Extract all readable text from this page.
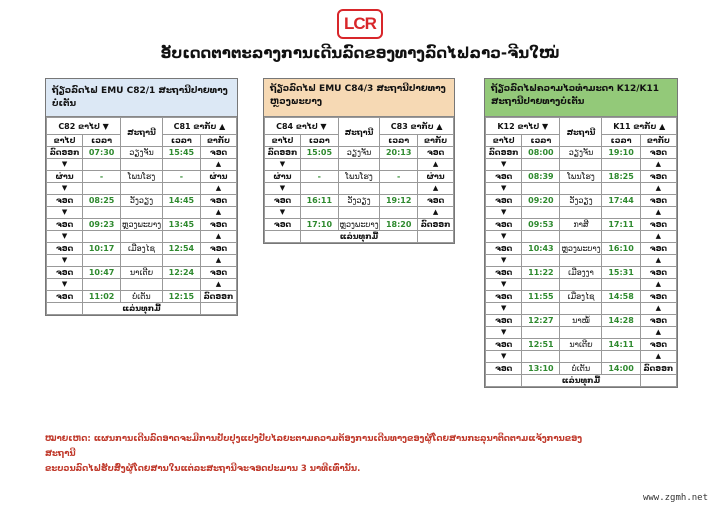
LCR
ອັບເດດຕາຕະລາງການເດີນລົດຂອງທາງລົດໄຟລາວ-ຈີນໃໝ່
ຖ້ຽວລົດໄຟ EMU C82/1 ສະຖານີປາຍທາງບໍ່ເຕັນ
C82 ຂາໄປ ▼		ສະຖານີ	C81 ຂາກັບ ▲	
ຂາໄປ	ເວລາ		ເວລາ	ຂາກັບ
ລົດອອກ	07:30	ວຽງຈັນ	15:45	ຈອດ
▼				▲
ຜ່ານ	-	ໂພນໂຮງ	-	ຜ່ານ
▼				▲
ຈອດ	08:25	ວັງວຽງ	14:45	ຈອດ
▼				▲
ຈອດ	09:23	ຫຼວງພະບາງ	13:45	ຈອດ
▼				▲
ຈອດ	10:17	ເມືອງໄຊ	12:54	ຈອດ
▼				▲
ຈອດ	10:47	ນາເຕີຍ	12:24	ຈອດ
▼				▲
ຈອດ	11:02	ບໍ່ເຕັນ	12:15	ລົດອອກ
	ແລ່ນທຸກມື້			
ຖ້ຽວລົດໄຟ EMU C84/3 ສະຖານີປາຍທາງຫຼວງພະບາງ
C84 ຂາໄປ ▼		ສະຖານີ	C83 ຂາກັບ ▲	
ຂາໄປ	ເວລາ		ເວລາ	ຂາກັບ
ລົດອອກ	15:05	ວຽງຈັນ	20:13	ຈອດ
▼				▲
ຜ່ານ	-	ໂພນໂຮງ	-	ຜ່ານ
▼				▲
ຈອດ	16:11	ວັງວຽງ	19:12	ຈອດ
▼				▲
ຈອດ	17:10	ຫຼວງພະບາງ	18:20	ລົດອອກ
	ແລ່ນທຸກມື້			
ຖ້ຽວລົດໄຟຄວາມໄວທຳມະດາ K12/K11 ສະຖານີປາຍທາງບໍ່ເຕັນ
K12 ຂາໄປ ▼		ສະຖານີ	K11 ຂາກັບ ▲	
ຂາໄປ	ເວລາ		ເວລາ	ຂາກັບ
ລົດອອກ	08:00	ວຽງຈັນ	19:10	ຈອດ
▼				▲
ຈອດ	08:39	ໂພນໂຮງ	18:25	ຈອດ
▼				▲
ຈອດ	09:20	ວັງວຽງ	17:44	ຈອດ
▼				▲
ຈອດ	09:53	ກາສີ	17:11	ຈອດ
▼				▲
ຈອດ	10:43	ຫຼວງພະບາງ	16:10	ຈອດ
▼				▲
ຈອດ	11:22	ເມືອງງາ	15:31	ຈອດ
▼				▲
ຈອດ	11:55	ເມືອງໄຊ	14:58	ຈອດ
▼				▲
ຈອດ	12:27	ນາໝໍ້	14:28	ຈອດ
▼				▲
ຈອດ	12:51	ນາເຕີຍ	14:11	ຈອດ
▼				▲
ຈອດ	13:10	ບໍ່ເຕັນ	14:00	ລົດອອກ
	ແລ່ນທຸກມື້			
ໝາຍເຫດ: ແຜນການເດີນລົດອາດຈະມີການປັບປຸງແປງປັບໄລຍະຕາມຄວາມຕ້ອງການເດີນທາງຂອງຜູ້ໂດຍສານກະລຸນາຕິດຕາມແຈ້ງການຂອງສະຖານີ
ຂະບວນລົດໄຟຮັບສົ່ງຜູ້ໂດຍສານໃນແຕ່ລະສະຖານີຈະຈອດປະມານ 3 ນາທີເທົ່ານັ້ນ.
www.zgmh.net
